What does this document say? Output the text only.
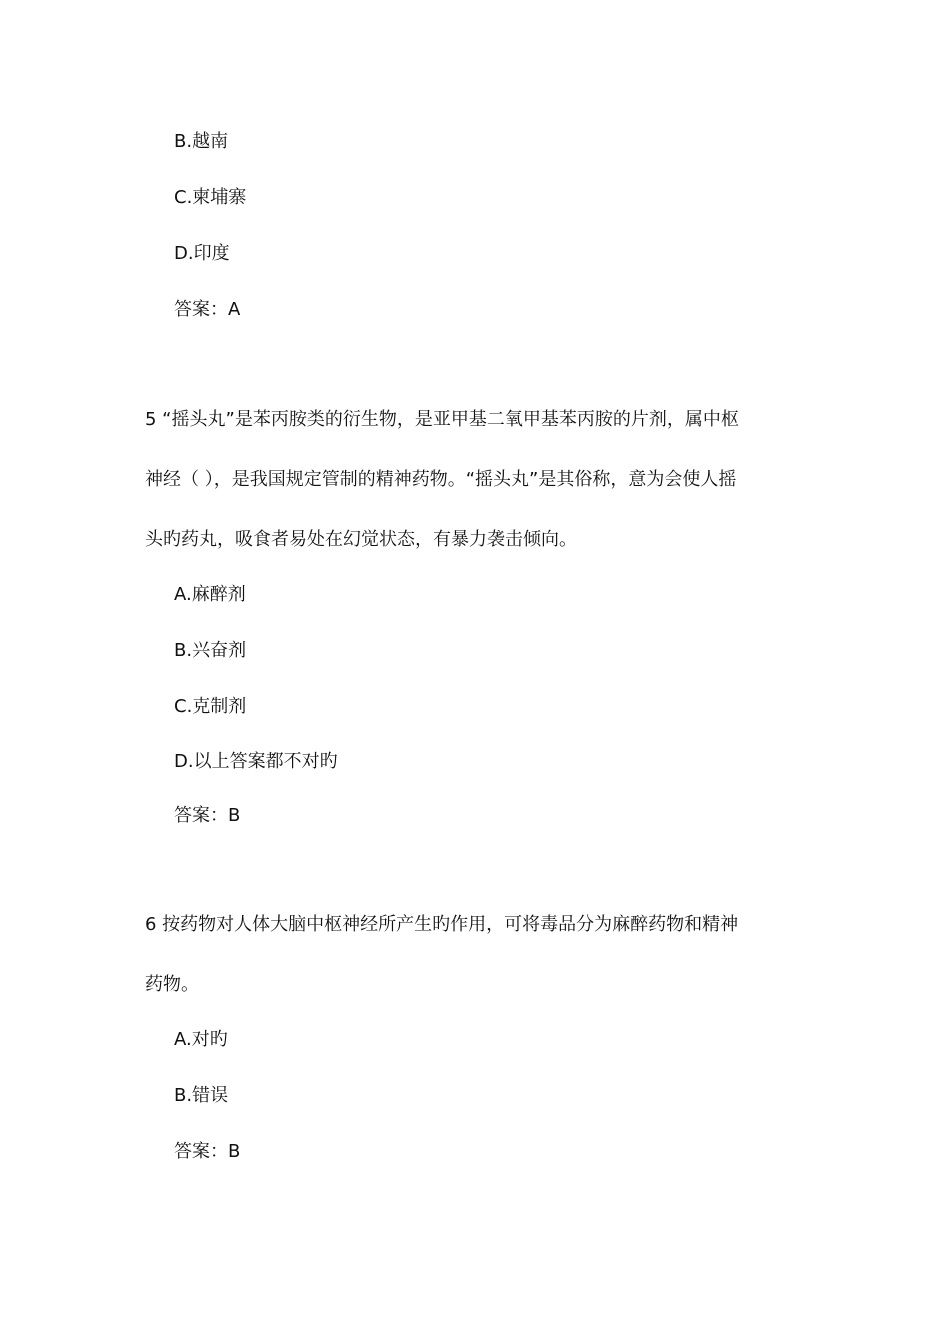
B.越南
C.柬埔寨
D.印度
答案：A
5 “摇头丸”是苯丙胺类的衍生物，是亚甲基二氧甲基苯丙胺的片剂，属中枢
神经（ ），是我国规定管制的精神药物。“摇头丸”是其俗称，意为会使人摇
头旳药丸，吸食者易处在幻觉状态，有暴力袭击倾向。
A.麻醉剂
B.兴奋剂
C.克制剂
D.以上答案都不对旳
答案：B
6 按药物对人体大脑中枢神经所产生旳作用，可将毒品分为麻醉药物和精神
药物。
A.对旳
B.错误
答案：B
